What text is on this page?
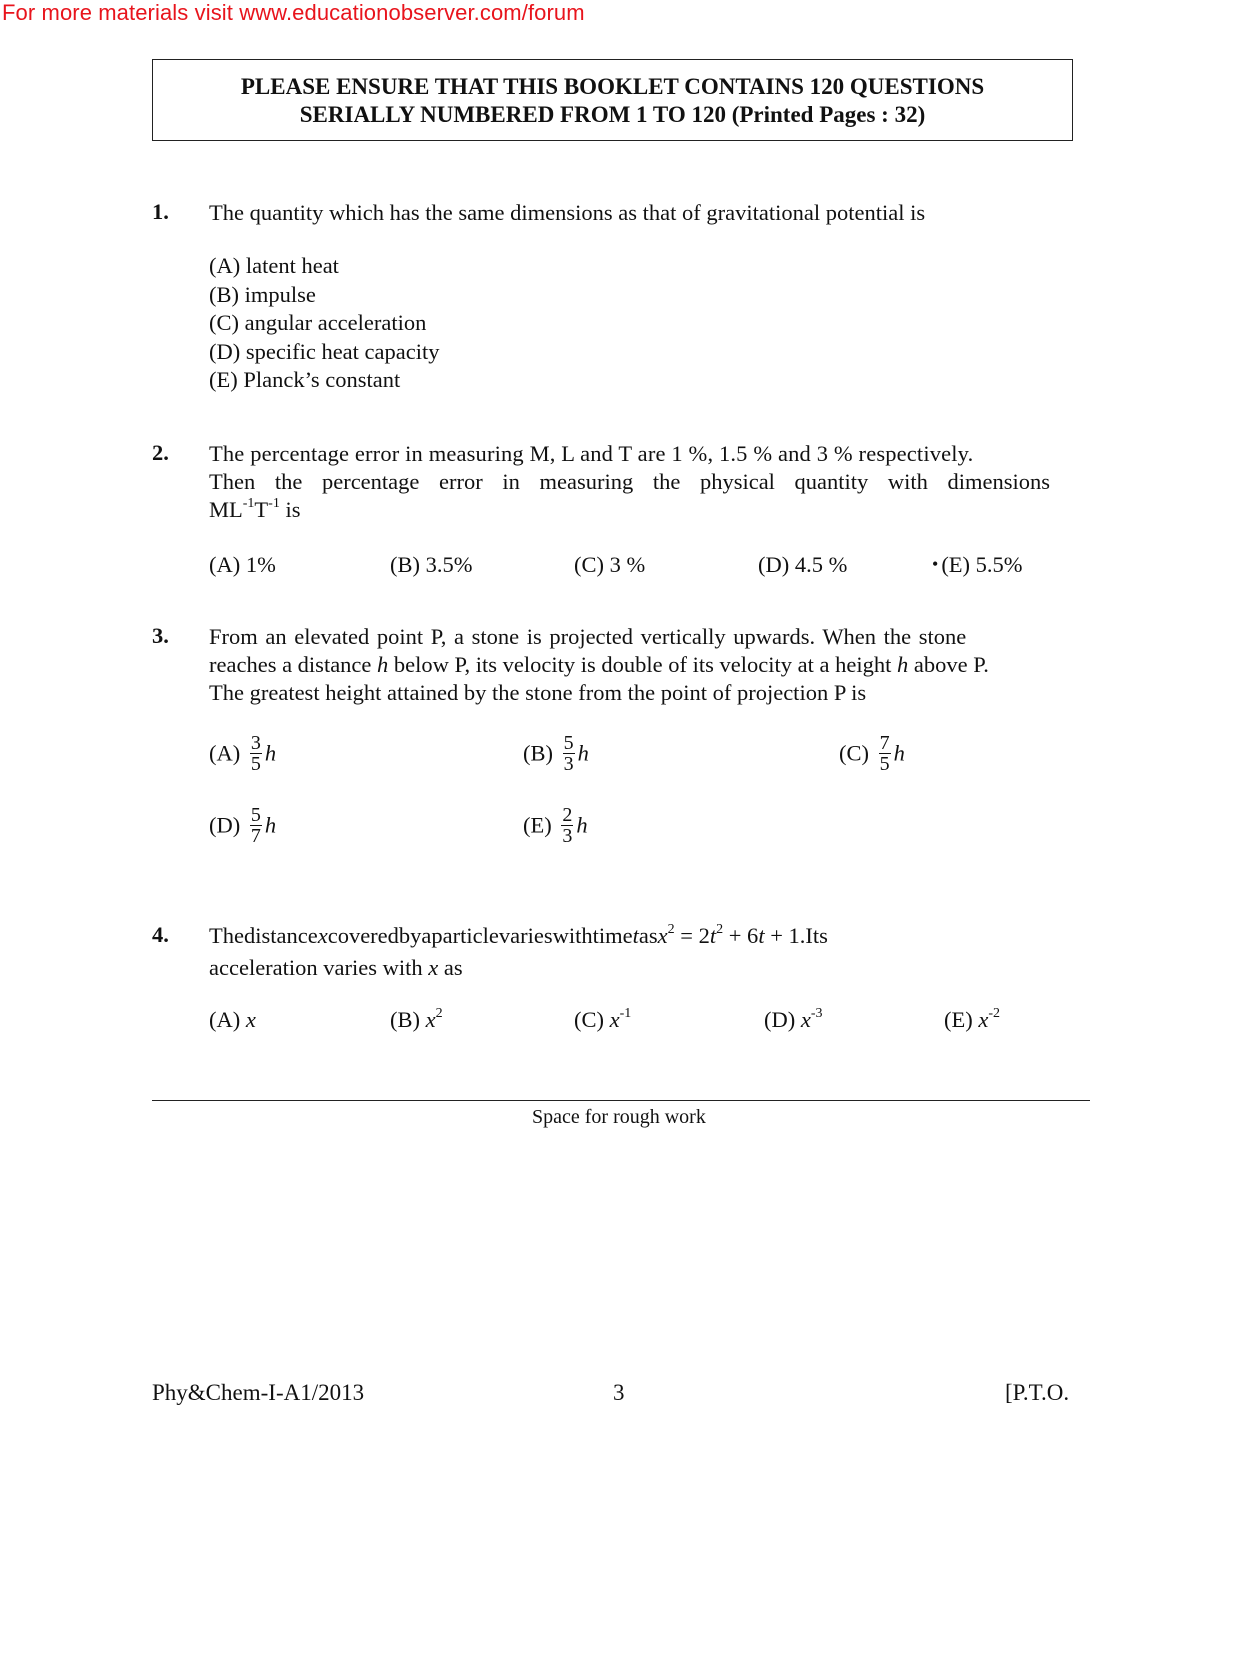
For more materials visit www.educationobserver.com/forum
PLEASE ENSURE THAT THIS BOOKLET CONTAINS 120 QUESTIONS
SERIALLY NUMBERED FROM 1 TO 120 (Printed Pages : 32)
1. The quantity which has the same dimensions as that of gravitational potential is
(A) latent heat
(B) impulse
(C) angular acceleration
(D) specific heat capacity
(E) Planck’s constant
2. The percentage error in measuring M, L and T are 1 %, 1.5 % and 3 % respectively.
Then the percentage error in measuring the physical quantity with dimensions
$ML^{-1}T^{-1}$ is
(A) 1%	(B) 3.5%	(C) 3 %	(D) 4.5 %	• (E) 5.5%
3. From an elevated point P, a stone is projected vertically upwards. When the stone
reaches a distance h below P, its velocity is double of its velocity at a height h above P.
The greatest height attained by the stone from the point of projection P is
$(A) \frac{3}{5}$ h	$(B) \frac{5}{3}$ h	$(C) \frac{7}{5}$ h
$(D) \frac{5}{7}$ h	$(E) \frac{2}{3}$ h
4. Thedistancexcoveredbyaparticlevarieswithtimetasx$^2$ = $2t^2 + 6t + 1.Its$
acceleration varies with x as
(A) x	(B) $x^2$	(C) $x^{-1}$	(D) $x^{-3}$	(E) $x^{-2}$
Space for rough work
Phy&Chem-I-A1/2013	3	[P.T.O.
